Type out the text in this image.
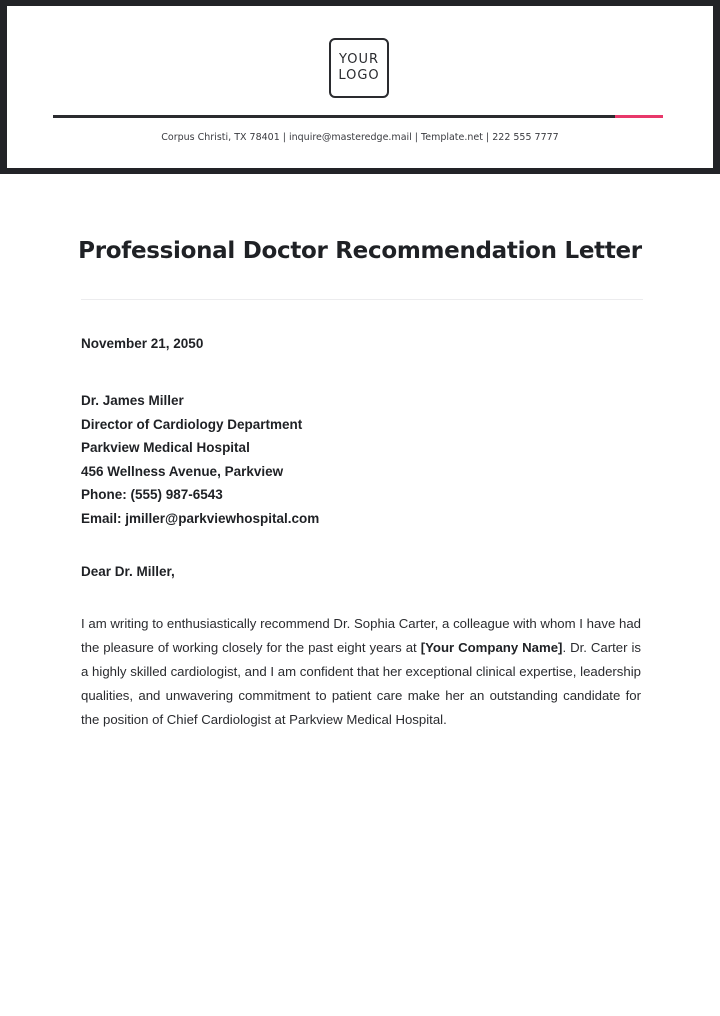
YOUR
LOGO
Corpus Christi, TX 78401 | inquire@masteredge.mail | Template.net | 222 555 7777
Professional Doctor Recommendation Letter
November 21, 2050
Dr. James Miller
Director of Cardiology Department
Parkview Medical Hospital
456 Wellness Avenue, Parkview
Phone: (555) 987-6543
Email: jmiller@parkviewhospital.com
Dear Dr. Miller,

I am writing to enthusiastically recommend Dr. Sophia Carter, a colleague with whom I have had the pleasure of working closely for the past eight years at [Your Company Name]. Dr. Carter is a highly skilled cardiologist, and I am confident that her exceptional clinical expertise, leadership qualities, and unwavering commitment to patient care make her an outstanding candidate for the position of Chief Cardiologist at Parkview Medical Hospital.
